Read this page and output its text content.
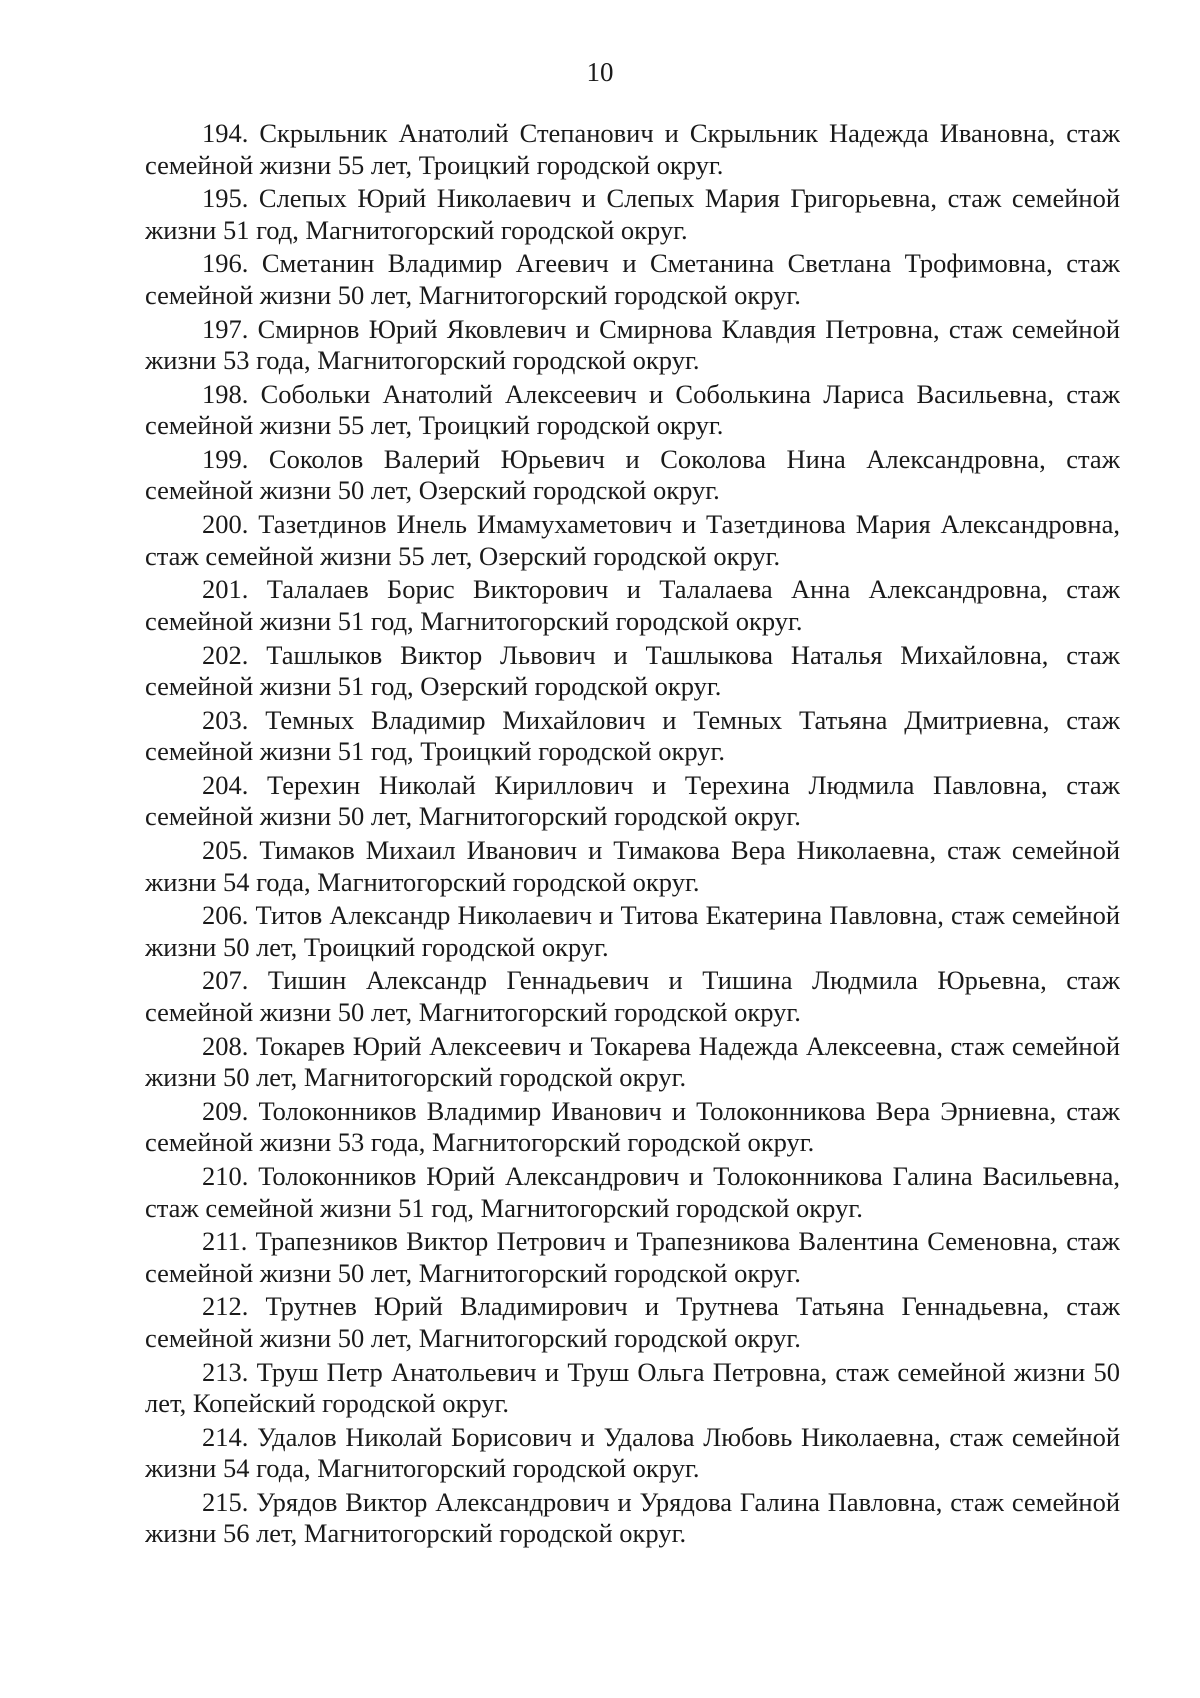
10

194. Скрыльник Анатолий Степанович и Скрыльник Надежда Ивановна, стаж семейной жизни 55 лет, Троицкий городской округ.

195. Слепых Юрий Николаевич и Слепых Мария Григорьевна, стаж семейной жизни 51 год, Магнитогорский городской округ.

196. Сметанин Владимир Агеевич и Сметанина Светлана Трофимовна, стаж семейной жизни 50 лет, Магнитогорский городской округ.

197. Смирнов Юрий Яковлевич и Смирнова Клавдия Петровна, стаж семейной жизни 53 года, Магнитогорский городской округ.

198. Собольки Анатолий Алексеевич и Соболькина Лариса Васильевна, стаж семейной жизни 55 лет, Троицкий городской округ.

199. Соколов Валерий Юрьевич и Соколова Нина Александровна, стаж семейной жизни 50 лет, Озерский городской округ.

200. Тазетдинов Инель Имамухаметович и Тазетдинова Мария Александровна, стаж семейной жизни 55 лет, Озерский городской округ.

201. Талалаев Борис Викторович и Талалаева Анна Александровна, стаж семейной жизни 51 год, Магнитогорский городской округ.

202. Ташлыков Виктор Львович и Ташлыкова Наталья Михайловна, стаж семейной жизни 51 год, Озерский городской округ.

203. Темных Владимир Михайлович и Темных Татьяна Дмитриевна, стаж семейной жизни 51 год, Троицкий городской округ.

204. Терехин Николай Кириллович и Терехина Людмила Павловна, стаж семейной жизни 50 лет, Магнитогорский городской округ.

205. Тимаков Михаил Иванович и Тимакова Вера Николаевна, стаж семейной жизни 54 года, Магнитогорский городской округ.

206. Титов Александр Николаевич и Титова Екатерина Павловна, стаж семейной жизни 50 лет, Троицкий городской округ.

207. Тишин Александр Геннадьевич и Тишина Людмила Юрьевна, стаж семейной жизни 50 лет, Магнитогорский городской округ.

208. Токарев Юрий Алексеевич и Токарева Надежда Алексеевна, стаж семейной жизни 50 лет, Магнитогорский городской округ.

209. Толоконников Владимир Иванович и Толоконникова Вера Эрниевна, стаж семейной жизни 53 года, Магнитогорский городской округ.

210. Толоконников Юрий Александрович и Толоконникова Галина Васильевна, стаж семейной жизни 51 год, Магнитогорский городской округ.

211. Трапезников Виктор Петрович и Трапезникова Валентина Семеновна, стаж семейной жизни 50 лет, Магнитогорский городской округ.

212. Трутнев Юрий Владимирович и Трутнева Татьяна Геннадьевна, стаж семейной жизни 50 лет, Магнитогорский городской округ.

213. Труш Петр Анатольевич и Труш Ольга Петровна, стаж семейной жизни 50 лет, Копейский городской округ.

214. Удалов Николай Борисович и Удалова Любовь Николаевна, стаж семейной жизни 54 года, Магнитогорский городской округ.

215. Урядов Виктор Александрович и Урядова Галина Павловна, стаж семейной жизни 56 лет, Магнитогорский городской округ.
